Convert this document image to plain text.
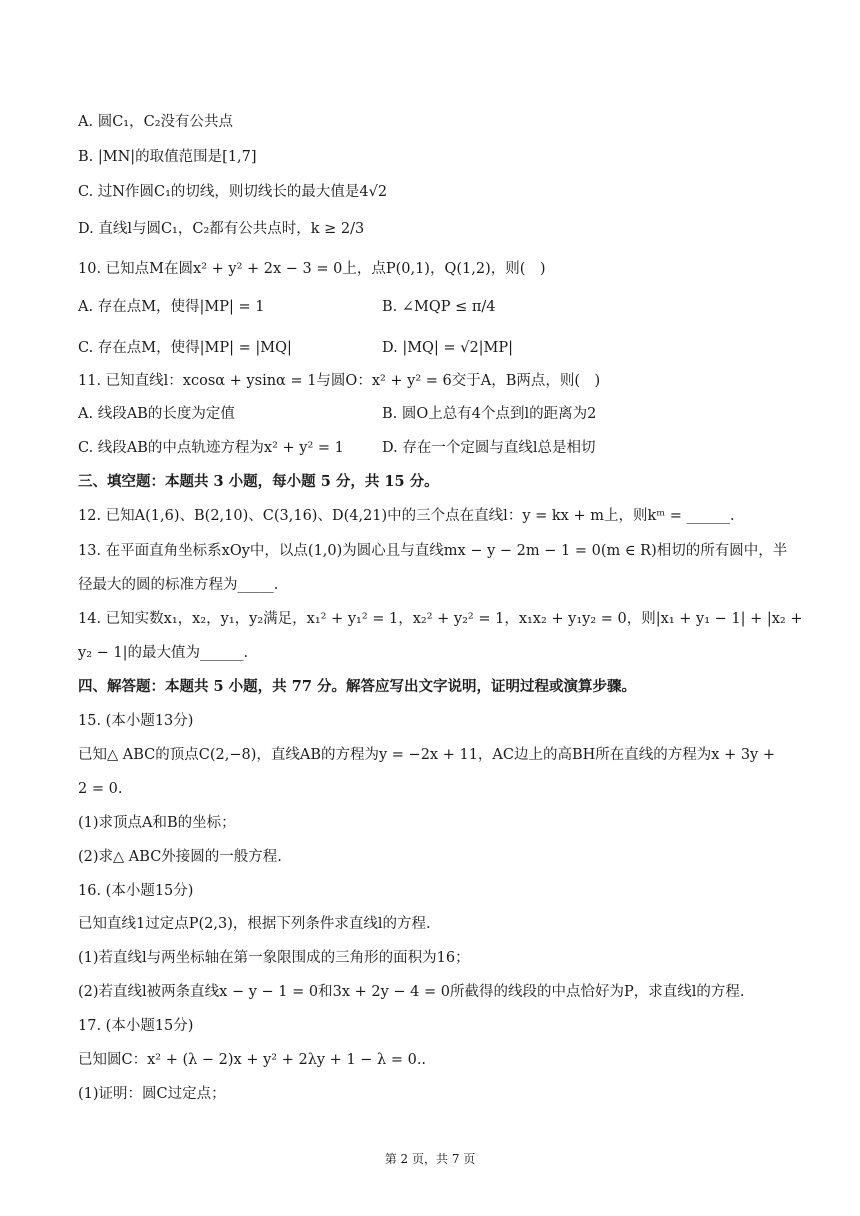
A. 圆C₁，C₂没有公共点
B. |MN|的取值范围是[1,7]
C. 过N作圆C₁的切线，则切线长的最大值是4√2
D. 直线l与圆C₁，C₂都有公共点时，k ≥ 2/3
10. 已知点M在圆x² + y² + 2x − 3 = 0上，点P(0,1)，Q(1,2)，则(　)
A. 存在点M，使得|MP| = 1	B. ∠MQP ≤ π/4
C. 存在点M，使得|MP| = |MQ|	D. |MQ| = √2|MP|
11. 已知直线l：xcosα + ysinα = 1与圆O：x² + y² = 6交于A，B两点，则(　)
A. 线段AB的长度为定值	B. 圆O上总有4个点到l的距离为2
C. 线段AB的中点轨迹方程为x² + y² = 1	D. 存在一个定圆与直线l总是相切
三、填空题：本题共 3 小题，每小题 5 分，共 15 分。
12. 已知A(1,6)、B(2,10)、C(3,16)、D(4,21)中的三个点在直线l：y = kx + m上，则kᵐ = ______.
13. 在平面直角坐标系xOy中，以点(1,0)为圆心且与直线mx − y − 2m − 1 = 0(m ∈ R)相切的所有圆中，半
径最大的圆的标准方程为_____.
14. 已知实数x₁，x₂，y₁，y₂满足，x₁² + y₁² = 1，x₂² + y₂² = 1，x₁x₂ + y₁y₂ = 0，则|x₁ + y₁ − 1| + |x₂ +
y₂ − 1|的最大值为______.
四、解答题：本题共 5 小题，共 77 分。解答应写出文字说明，证明过程或演算步骤。
15. (本小题13分)
已知△ ABC的顶点C(2,−8)，直线AB的方程为y = −2x + 11，AC边上的高BH所在直线的方程为x + 3y +
2 = 0.
(1)求顶点A和B的坐标；
(2)求△ ABC外接圆的一般方程.
16. (本小题15分)
已知直线1过定点P(2,3)，根据下列条件求直线l的方程.
(1)若直线l与两坐标轴在第一象限围成的三角形的面积为16；
(2)若直线l被两条直线x − y − 1 = 0和3x + 2y − 4 = 0所截得的线段的中点恰好为P，求直线l的方程.
17. (本小题15分)
已知圆C：x² + (λ − 2)x + y² + 2λy + 1 − λ = 0..
(1)证明：圆C过定点；
第 2 页，共 7 页
